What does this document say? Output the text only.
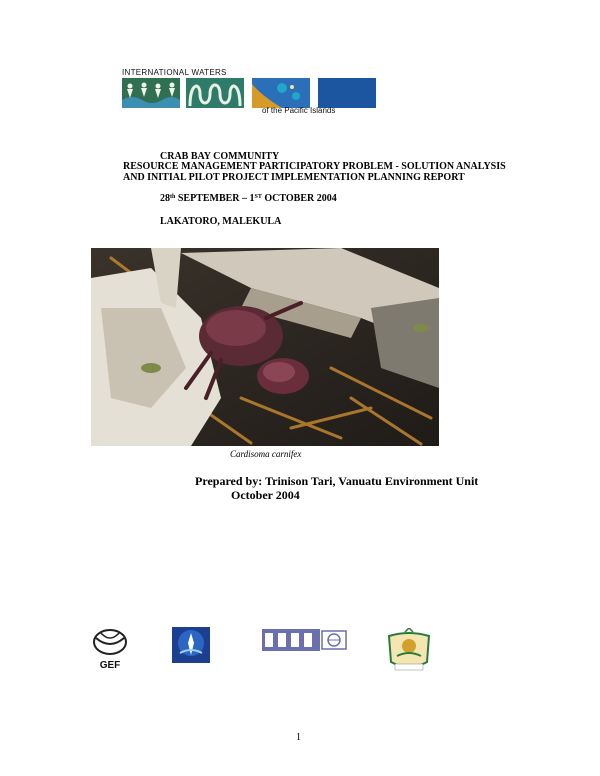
INTERNATIONAL WATERS
of the Pacific Islands
CRAB BAY COMMUNITY
RESOURCE MANAGEMENT PARTICIPATORY PROBLEM - SOLUTION ANALYSIS
AND INITIAL PILOT PROJECT IMPLEMENTATION PLANNING REPORT
28th SEPTEMBER – 1ST OCTOBER 2004
LAKATORO, MALEKULA
Cardisoma carnifex
Prepared by: Trinison Tari, Vanuatu Environment Unit
October 2004
GEF
1
